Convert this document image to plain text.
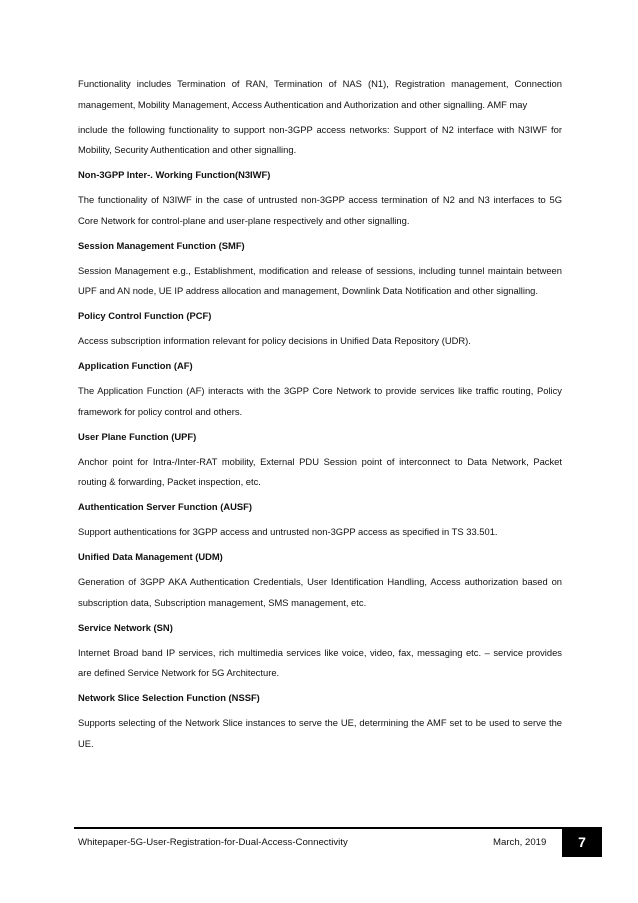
Functionality includes Termination of RAN, Termination of NAS (N1), Registration management, Connection management, Mobility Management, Access Authentication and Authorization and other signalling. AMF may

include the following functionality to support non-3GPP access networks: Support of N2 interface with N3IWF for Mobility, Security Authentication and other signalling.

Non-3GPP Inter-. Working Function(N3IWF)

The functionality of N3IWF in the case of untrusted non-3GPP access termination of N2 and N3 interfaces to 5G Core Network for control-plane and user-plane respectively and other signalling.

Session Management Function (SMF)

Session Management e.g., Establishment, modification and release of sessions, including tunnel maintain between UPF and AN node, UE IP address allocation and management, Downlink Data Notification and other signalling.

Policy Control Function (PCF)

Access subscription information relevant for policy decisions in Unified Data Repository (UDR).

Application Function (AF)

The Application Function (AF) interacts with the 3GPP Core Network to provide services like traffic routing, Policy framework for policy control and others.

User Plane Function (UPF)

Anchor point for Intra-/Inter-RAT mobility, External PDU Session point of interconnect to Data Network, Packet routing & forwarding, Packet inspection, etc.

Authentication Server Function (AUSF)

Support authentications for 3GPP access and untrusted non-3GPP access as specified in TS 33.501.

Unified Data Management (UDM)

Generation of 3GPP AKA Authentication Credentials, User Identification Handling, Access authorization based on subscription data, Subscription management, SMS management, etc.

Service Network (SN)

Internet Broad band IP services, rich multimedia services like voice, video, fax, messaging etc. – service provides are defined Service Network for 5G Architecture.

Network Slice Selection Function (NSSF)

Supports selecting of the Network Slice instances to serve the UE, determining the AMF set to be used to serve the UE.

Whitepaper-5G-User-Registration-for-Dual-Access-Connectivity	March, 2019 7
